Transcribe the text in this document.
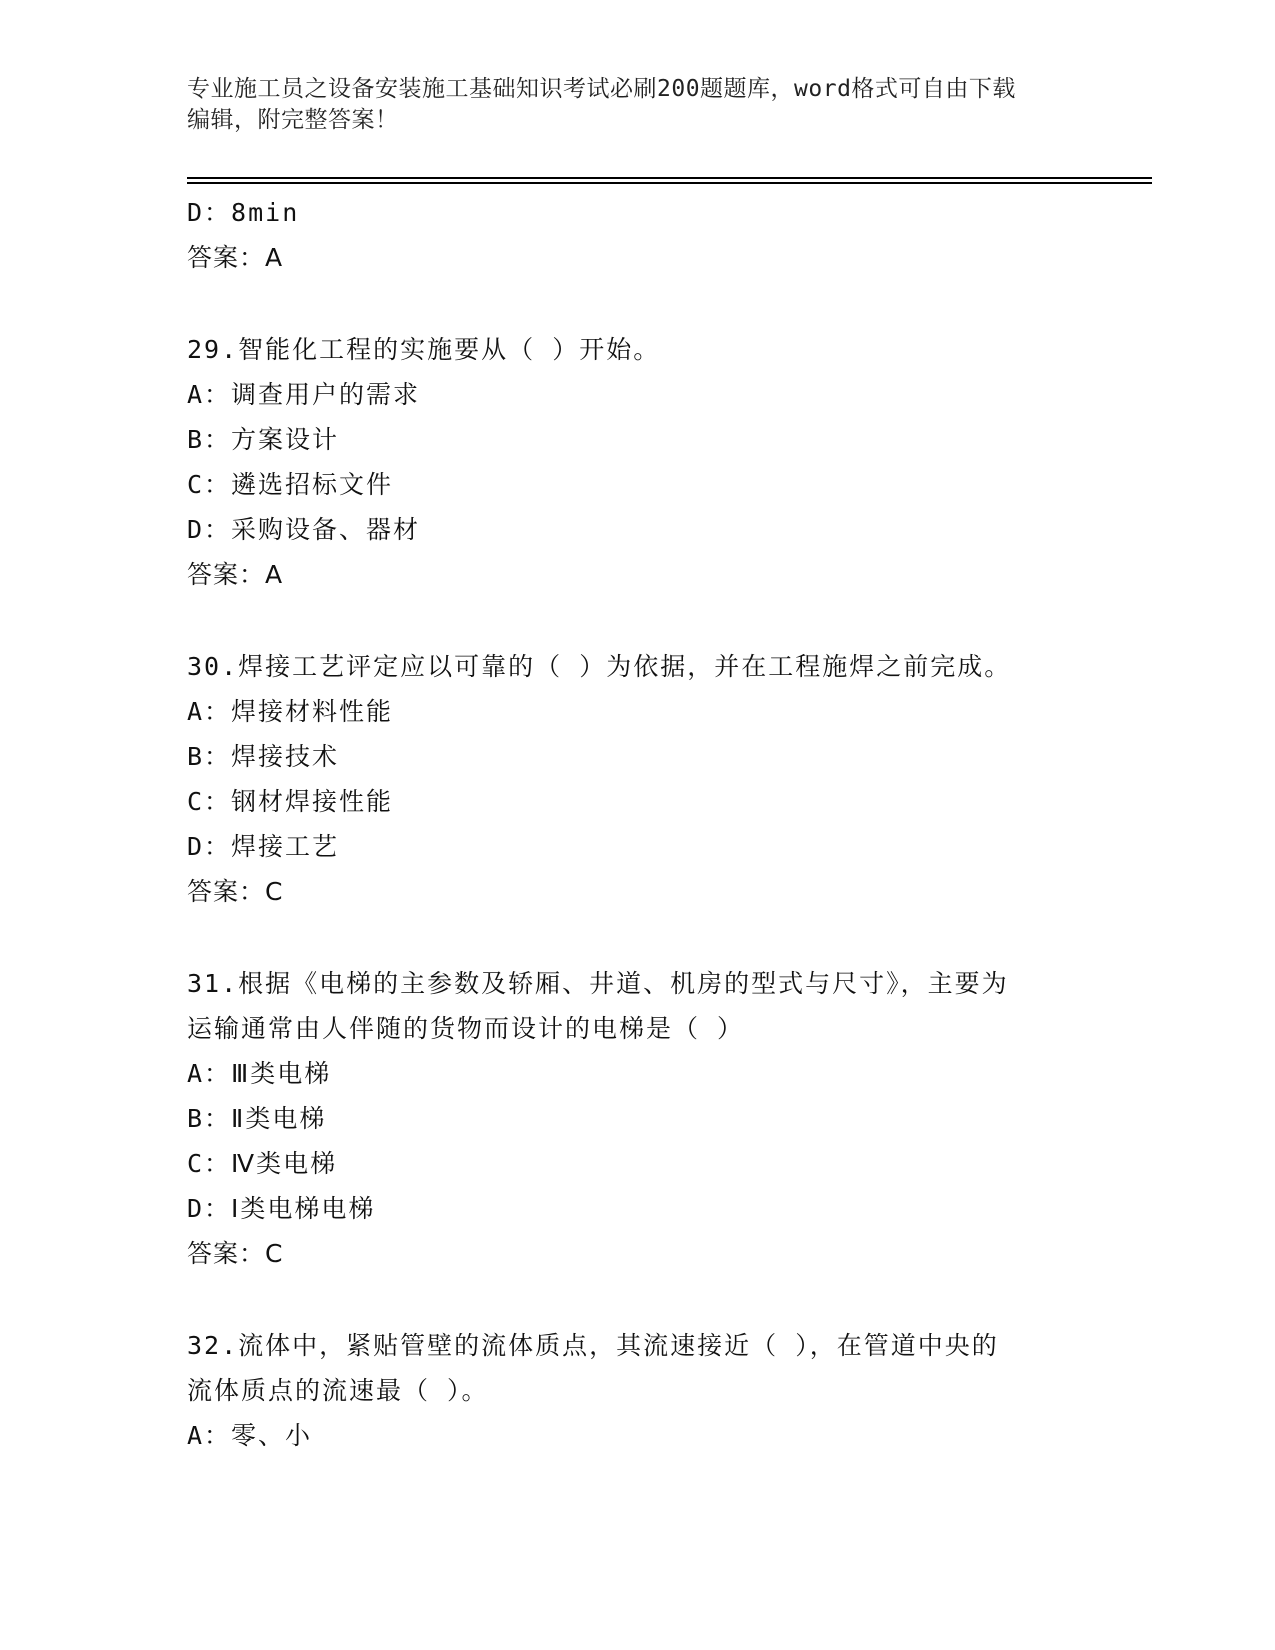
专业施工员之设备安装施工基础知识考试必刷200题题库，word格式可自由下载
编辑，附完整答案！
D：8min
答案：A
29.智能化工程的实施要从（ ）开始。
A：调查用户的需求
B：方案设计
C：遴选招标文件
D：采购设备、器材
答案：A
30.焊接工艺评定应以可靠的（ ）为依据，并在工程施焊之前完成。
A：焊接材料性能
B：焊接技术
C：钢材焊接性能
D：焊接工艺
答案：C
31.根据《电梯的主参数及轿厢、井道、机房的型式与尺寸》，主要为
运输通常由人伴随的货物而设计的电梯是（ ）
A：Ⅲ类电梯
B：Ⅱ类电梯
C：Ⅳ类电梯
D：Ⅰ类电梯电梯
答案：C
32.流体中，紧贴管壁的流体质点，其流速接近（ ），在管道中央的
流体质点的流速最（ ）。
A：零、小
